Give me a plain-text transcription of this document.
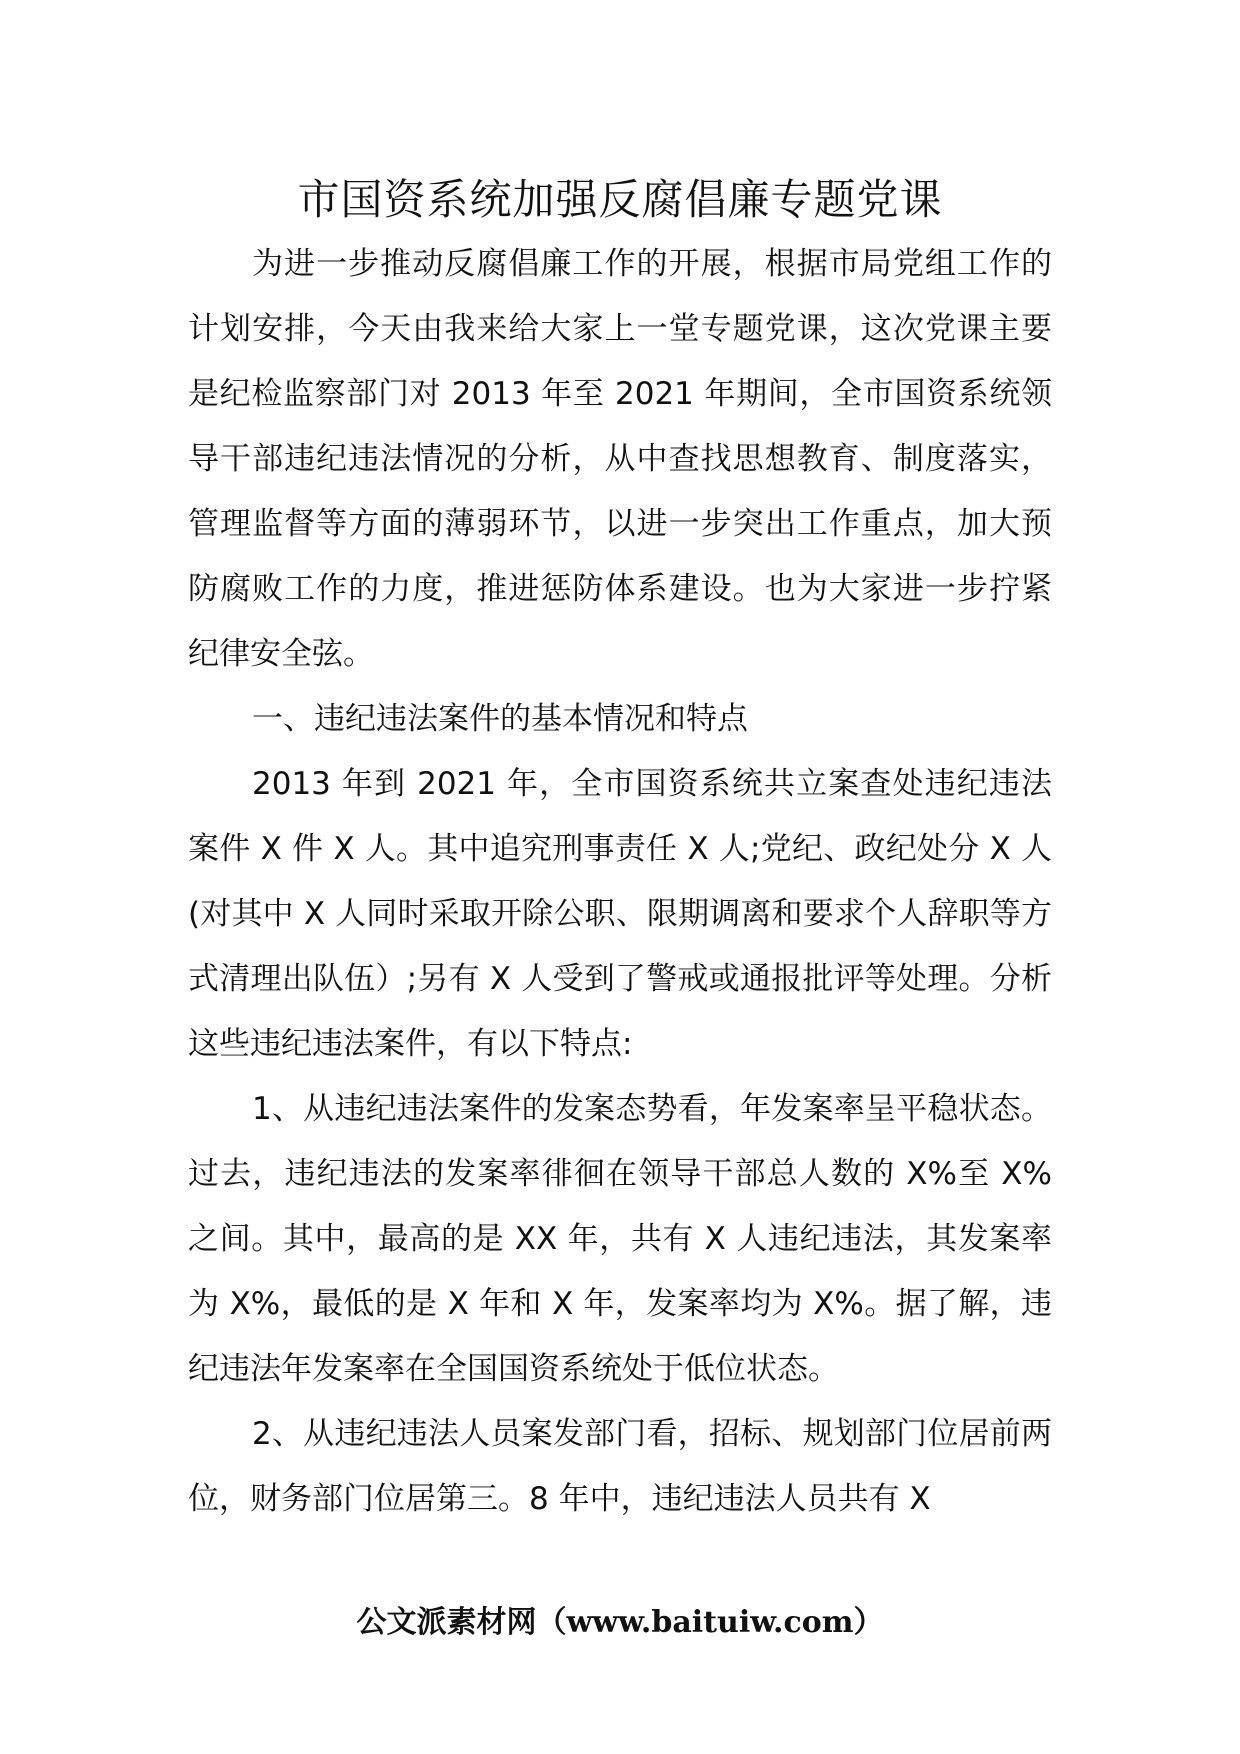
市国资系统加强反腐倡廉专题党课

为进一步推动反腐倡廉工作的开展，根据市局党组工作的计划安排，今天由我来给大家上一堂专题党课，这次党课主要是纪检监察部门对 2013 年至 2021 年期间，全市国资系统领导干部违纪违法情况的分析，从中查找思想教育、制度落实，管理监督等方面的薄弱环节，以进一步突出工作重点，加大预防腐败工作的力度，推进惩防体系建设。也为大家进一步拧紧纪律安全弦。

一、违纪违法案件的基本情况和特点

2013 年到 2021 年，全市国资系统共立案查处违纪违法案件 X 件 X 人。其中追究刑事责任 X 人;党纪、政纪处分 X 人(对其中 X 人同时采取开除公职、限期调离和要求个人辞职等方式清理出队伍）;另有 X 人受到了警戒或通报批评等处理。分析这些违纪违法案件，有以下特点:

1、从违纪违法案件的发案态势看，年发案率呈平稳状态。过去，违纪违法的发案率徘徊在领导干部总人数的 X%至 X%之间。其中，最高的是 XX 年，共有 X 人违纪违法，其发案率为 X%，最低的是 X 年和 X 年，发案率均为 X%。据了解，违纪违法年发案率在全国国资系统处于低位状态。

2、从违纪违法人员案发部门看，招标、规划部门位居前两位，财务部门位居第三。8 年中，违纪违法人员共有 X

公文派素材网（www.baituiw.com）
